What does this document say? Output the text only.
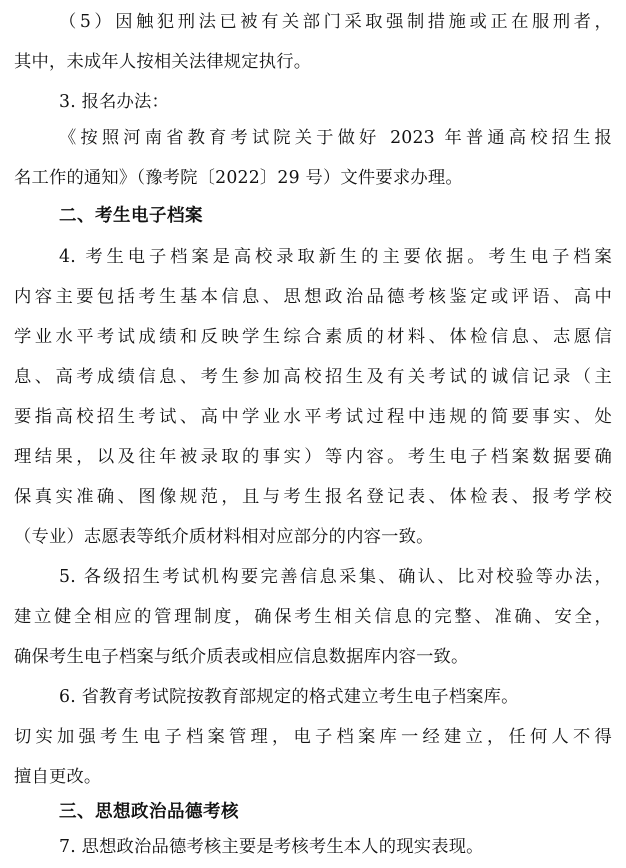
（5）因触犯刑法已被有关部门采取强制措施或正在服刑者，
其中，未成年人按相关法律规定执行。
3. 报名办法：
《按照河南省教育考试院关于做好 2023 年普通高校招生报
名工作的通知》（豫考院〔2022〕29 号）文件要求办理。
二、考生电子档案
4. 考生电子档案是高校录取新生的主要依据。考生电子档案
内容主要包括考生基本信息、思想政治品德考核鉴定或评语、高中
学业水平考试成绩和反映学生综合素质的材料、体检信息、志愿信
息、高考成绩信息、考生参加高校招生及有关考试的诚信记录（主
要指高校招生考试、高中学业水平考试过程中违规的简要事实、处
理结果，以及往年被录取的事实）等内容。考生电子档案数据要确
保真实准确、图像规范，且与考生报名登记表、体检表、报考学校
（专业）志愿表等纸介质材料相对应部分的内容一致。
5. 各级招生考试机构要完善信息采集、确认、比对校验等办法，
建立健全相应的管理制度，确保考生相关信息的完整、准确、安全，
确保考生电子档案与纸介质表或相应信息数据库内容一致。
6. 省教育考试院按教育部规定的格式建立考生电子档案库。
切实加强考生电子档案管理，电子档案库一经建立，任何人不得
擅自更改。
三、思想政治品德考核
7. 思想政治品德考核主要是考核考生本人的现实表现。
